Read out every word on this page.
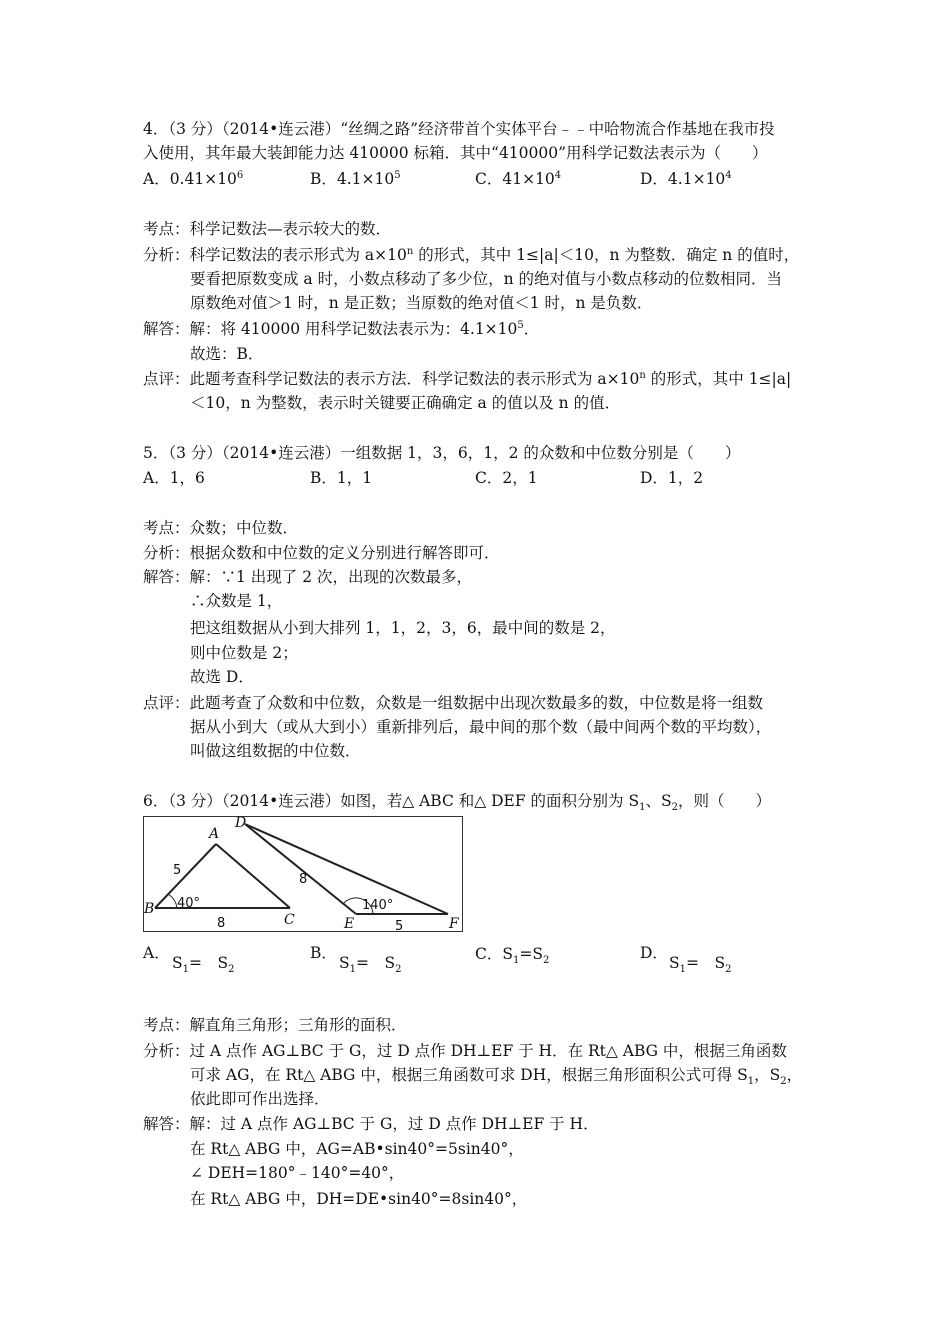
4．（3 分）（2014•连云港）“丝绸之路”经济带首个实体平台﹣﹣中哈物流合作基地在我市投
入使用，其年最大装卸能力达 410000 标箱．其中“410000”用科学记数法表示为（　　）
A．$0.41\times 10^6$	B．$4.1\times 10^5$	C．$41\times 10^4$	D．$4.1\times 10^4$
考点：科学记数法—表示较大的数．
分析：科学记数法的表示形式为 $a\times 10^n$ 的形式，其中 1≤|a|＜10，n 为整数．确定 n 的值时，
要看把原数变成 a 时，小数点移动了多少位，n 的绝对值与小数点移动的位数相同．当
原数绝对值＞1 时，n 是正数；当原数的绝对值＜1 时，n 是负数．
解答：解：将 410000 用科学记数法表示为：$4.1\times 10^5$．
故选：B．
点评：此题考查科学记数法的表示方法．科学记数法的表示形式为 $a\times 10^n$ 的形式，其中 1≤|a|
＜10，n 为整数，表示时关键要正确确定 a 的值以及 n 的值．
5．（3 分）（2014•连云港）一组数据 1，3，6，1，2 的众数和中位数分别是（　　）
A．1，6	B．1，1	C．2，1	D．1，2
考点：众数；中位数．
分析：根据众数和中位数的定义分别进行解答即可．
解答：解：∵1 出现了 2 次，出现的次数最多，
∴众数是 1，
把这组数据从小到大排列 1，1，2，3，6，最中间的数是 2，
则中位数是 2；
故选 D．
点评：此题考查了众数和中位数，众数是一组数据中出现次数最多的数，中位数是将一组数
据从小到大（或从大到小）重新排列后，最中间的那个数（最中间两个数的平均数），
叫做这组数据的中位数．
6．（3 分）（2014•连云港）如图，若△ ABC 和△ DEF 的面积分别为 $S_1$、$S_2$，则（　　）
A
B
C
D
E	F
5
8
40°
8
5
140°
A．
$S_1=$　$S_2$
B．
$S_1=$　$S_2$
C．$S_1=S_2$	D．
$S_1=$　$S_2$
考点：解直角三角形；三角形的面积．
分析：过 A 点作 AG⊥BC 于 G，过 D 点作 DH⊥EF 于 H．在 Rt△ ABG 中，根据三角函数
可求 AG，在 Rt△ ABG 中，根据三角函数可求 DH，根据三角形面积公式可得 $S_1$，$S_2$，
依此即可作出选择．
解答：解：过 A 点作 AG⊥BC 于 G，过 D 点作 DH⊥EF 于 H．
在 Rt△ ABG 中，AG=AB•sin40°=5sin40°，
∠ DEH=180°﹣140°=40°，
在 Rt△ ABG 中，DH=DE•sin40°=8sin40°，
